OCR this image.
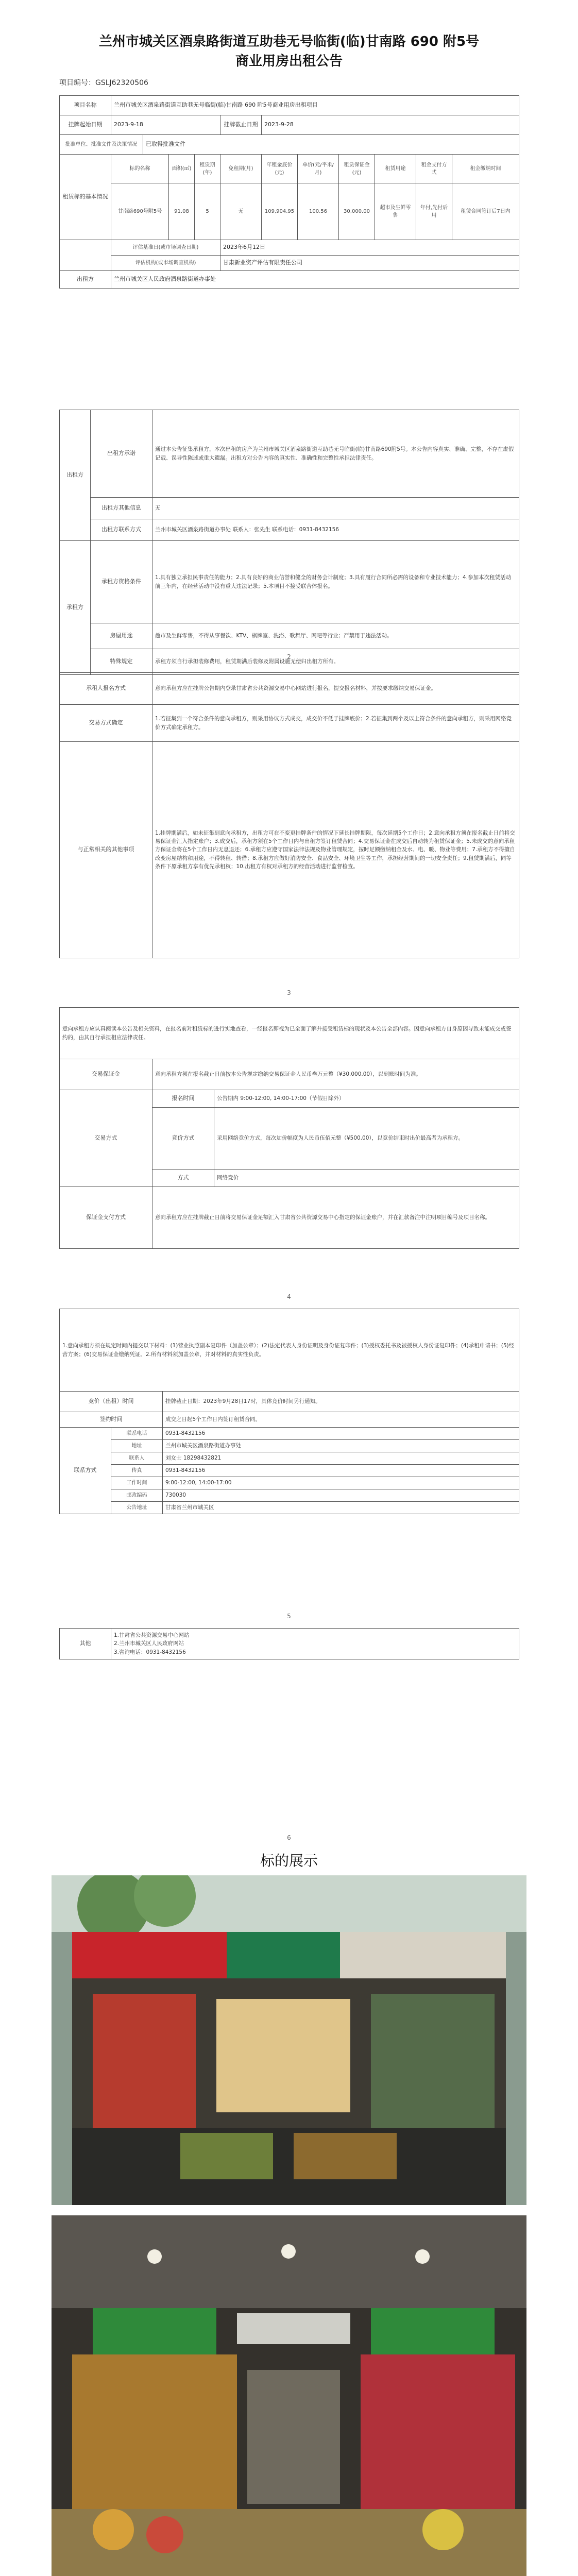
兰州市城关区酒泉路街道互助巷无号临街(临)甘南路 690 附5号
商业用房出租公告
项目编号：GSLJ62320506
项目名称	兰州市城关区酒泉路街道互助巷无号临街(临)甘南路 690 附5号商业用房出租项目										
挂牌起始日期	2023-9-18				挂牌截止日期	2023-9-28					
批准单位、批准文件及决策情况		已取得批准文件									
租赁标的基本情况	标的名称		面积(㎡)	租赁期(年)	免租期(月)	年租金底价(元)	单价(元/平米/月)	租赁保证金(元)	租赁用途	租金支付方式	租金缴纳时间
	甘南路690号附5号		91.08	5	无	109,904.95	100.56	30,000.00	超市及生鲜零售	年付,先付后用	租赁合同签订后7日内
	评估基准日(或市场调查日期)				2023年6月12日						
	评估机构(或市场调查机构)				甘肃新业资产评估有限责任公司						
出租方	兰州市城关区人民政府酒泉路街道办事处										
出租方	出租方承诺	通过本公告征集承租方，本次出租的房产为兰州市城关区酒泉路街道互助巷无号临街(临)甘南路690附5号。本公告内容真实、准确、完整，不存在虚假记载、误导性陈述或重大遗漏。出租方对公告内容的真实性、准确性和完整性承担法律责任。
	出租方其他信息	无
	出租方联系方式	兰州市城关区酒泉路街道办事处 联系人：张先生 联系电话：0931-8432156
承租方	承租方资格条件	1.具有独立承担民事责任的能力；2.具有良好的商业信誉和健全的财务会计制度；3.具有履行合同所必需的设备和专业技术能力；4.参加本次租赁活动前三年内，在经营活动中没有重大违法记录；5.本项目不接受联合体报名。
	房屋用途	超市及生鲜零售，不得从事餐饮、KTV、棋牌室、洗浴、歌舞厅、网吧等行业；严禁用于违法活动。
	特殊规定	承租方须自行承担装修费用，租赁期满后装修及附属设施无偿归出租方所有。
2
承租人报名方式	意向承租方应在挂牌公告期内登录甘肃省公共资源交易中心网站进行报名，提交报名材料，并按要求缴纳交易保证金。
交易方式确定	1.若征集到一个符合条件的意向承租方，则采用协议方式成交，成交价不低于挂牌底价；2.若征集到两个及以上符合条件的意向承租方，则采用网络竞价方式确定承租方。
与正常相关的其他事项	1.挂牌期满后，如未征集到意向承租方，出租方可在不变更挂牌条件的情况下延长挂牌期限，每次延期5个工作日；2.意向承租方须在报名截止日前将交易保证金汇入指定账户；3.成交后，承租方须在5个工作日内与出租方签订租赁合同；4.交易保证金在成交后自动转为租赁保证金；5.未成交的意向承租方保证金将在5个工作日内无息退还；6.承租方应遵守国家法律法规及物业管理规定，按时足额缴纳租金及水、电、暖、物业等费用；7.承租方不得擅自改变房屋结构和用途，不得转租、转借；8.承租方应做好消防安全、食品安全、环境卫生等工作，承担经营期间的一切安全责任；9.租赁期满后，同等条件下原承租方享有优先承租权；10.出租方有权对承租方的经营活动进行监督检查。
3
意向承租方应认真阅读本公告及相关资料，在报名前对租赁标的进行实地查看，一经报名即视为已全面了解并接受租赁标的现状及本公告全部内容。因意向承租方自身原因导致未能成交或签约的，由其自行承担相应法律责任。		
交易保证金	意向承租方须在报名截止日前按本公告规定缴纳交易保证金人民币叁万元整（¥30,000.00），以到账时间为准。	
交易方式	报名时间	公告期内 9:00-12:00, 14:00-17:00（节假日除外）
	竞价方式	采用网络竞价方式，每次加价幅度为人民币伍佰元整（¥500.00），以竞价结束时出价最高者为承租方。
	方式	网络竞价
保证金支付方式	意向承租方应在挂牌截止日前将交易保证金足额汇入甘肃省公共资源交易中心指定的保证金账户，并在汇款备注中注明项目编号及项目名称。	
4
1.意向承租方须在规定时间内提交以下材料：(1)营业执照副本复印件（加盖公章）；(2)法定代表人身份证明及身份证复印件；(3)授权委托书及被授权人身份证复印件；(4)承租申请书；(5)经营方案；(6)交易保证金缴纳凭证。2.所有材料须加盖公章，并对材料的真实性负责。		
竞价（出租）时间		挂牌截止日期：2023年9月28日17时，具体竞价时间另行通知。
签约时间		成交之日起5个工作日内签订租赁合同。
联系方式	联系电话	0931-8432156
	地址	兰州市城关区酒泉路街道办事处
	联系人	刘女士 18298432821
	传真	0931-8432156
	工作时间	9:00-12:00, 14:00-17:00
	邮政编码	730030
	公告地址	甘肃省兰州市城关区
5
其他	
1.甘肃省公共资源交易中心网站
2.兰州市城关区人民政府网站
3.咨询电话：0931-8432156
6
标的展示
